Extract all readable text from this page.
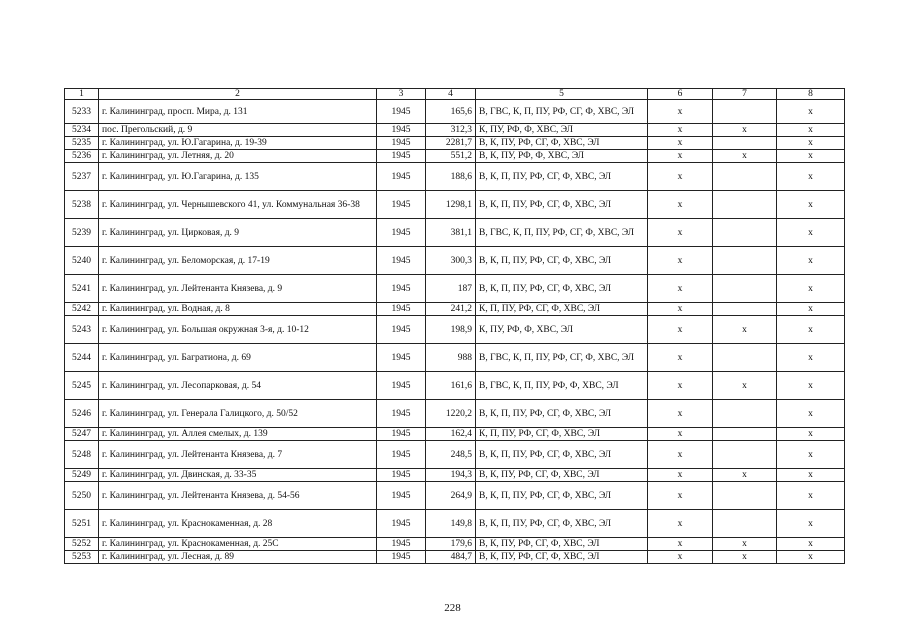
1	2	3	4	5	6	7	8
5233	г. Калининград, просп. Мира, д. 131	1945	165,6	В, ГВС, К, П, ПУ, РФ, СГ, Ф, ХВС, ЭЛ	x		x
5234	пос. Прегольский, д. 9	1945	312,3	К, ПУ, РФ, Ф, ХВС, ЭЛ	x	x	x
5235	г. Калининград, ул. Ю.Гагарина, д. 19-39	1945	2281,7	В, К, ПУ, РФ, СГ, Ф, ХВС, ЭЛ	x		x
5236	г. Калининград, ул. Летняя, д. 20	1945	551,2	В, К, ПУ, РФ, Ф, ХВС, ЭЛ	x	x	x
5237	г. Калининград, ул. Ю.Гагарина, д. 135	1945	188,6	В, К, П, ПУ, РФ, СГ, Ф, ХВС, ЭЛ	x		x
5238	г. Калининград, ул. Чернышевского 41, ул. Коммунальная 36-38	1945	1298,1	В, К, П, ПУ, РФ, СГ, Ф, ХВС, ЭЛ	x		x
5239	г. Калининград, ул. Цирковая, д. 9	1945	381,1	В, ГВС, К, П, ПУ, РФ, СГ, Ф, ХВС, ЭЛ	x		x
5240	г. Калининград, ул. Беломорская, д. 17-19	1945	300,3	В, К, П, ПУ, РФ, СГ, Ф, ХВС, ЭЛ	x		x
5241	г. Калининград, ул. Лейтенанта Князева, д. 9	1945	187	В, К, П, ПУ, РФ, СГ, Ф, ХВС, ЭЛ	x		x
5242	г. Калининград, ул. Водная, д. 8	1945	241,2	К, П, ПУ, РФ, СГ, Ф, ХВС, ЭЛ	x		x
5243	г. Калининград, ул. Большая окружная 3-я, д. 10-12	1945	198,9	К, ПУ, РФ, Ф, ХВС, ЭЛ	x	x	x
5244	г. Калининград, ул. Багратиона, д. 69	1945	988	В, ГВС, К, П, ПУ, РФ, СГ, Ф, ХВС, ЭЛ	x		x
5245	г. Калининград, ул. Лесопарковая, д. 54	1945	161,6	В, ГВС, К, П, ПУ, РФ, Ф, ХВС, ЭЛ	x	x	x
5246	г. Калининград, ул. Генерала Галицкого, д. 50/52	1945	1220,2	В, К, П, ПУ, РФ, СГ, Ф, ХВС, ЭЛ	x		x
5247	г. Калининград, ул. Аллея смелых, д. 139	1945	162,4	К, П, ПУ, РФ, СГ, Ф, ХВС, ЭЛ	x		x
5248	г. Калининград, ул. Лейтенанта Князева, д. 7	1945	248,5	В, К, П, ПУ, РФ, СГ, Ф, ХВС, ЭЛ	x		x
5249	г. Калининград, ул. Двинская, д. 33-35	1945	194,3	В, К, ПУ, РФ, СГ, Ф, ХВС, ЭЛ	x	x	x
5250	г. Калининград, ул. Лейтенанта Князева, д. 54-56	1945	264,9	В, К, П, ПУ, РФ, СГ, Ф, ХВС, ЭЛ	x		x
5251	г. Калининград, ул. Краснокаменная, д. 28	1945	149,8	В, К, П, ПУ, РФ, СГ, Ф, ХВС, ЭЛ	x		x
5252	г. Калининград, ул. Краснокаменная, д. 25С	1945	179,6	В, К, ПУ, РФ, СГ, Ф, ХВС, ЭЛ	x	x	x
5253	г. Калининград, ул. Лесная, д. 89	1945	484,7	В, К, ПУ, РФ, СГ, Ф, ХВС, ЭЛ	x	x	x
228
